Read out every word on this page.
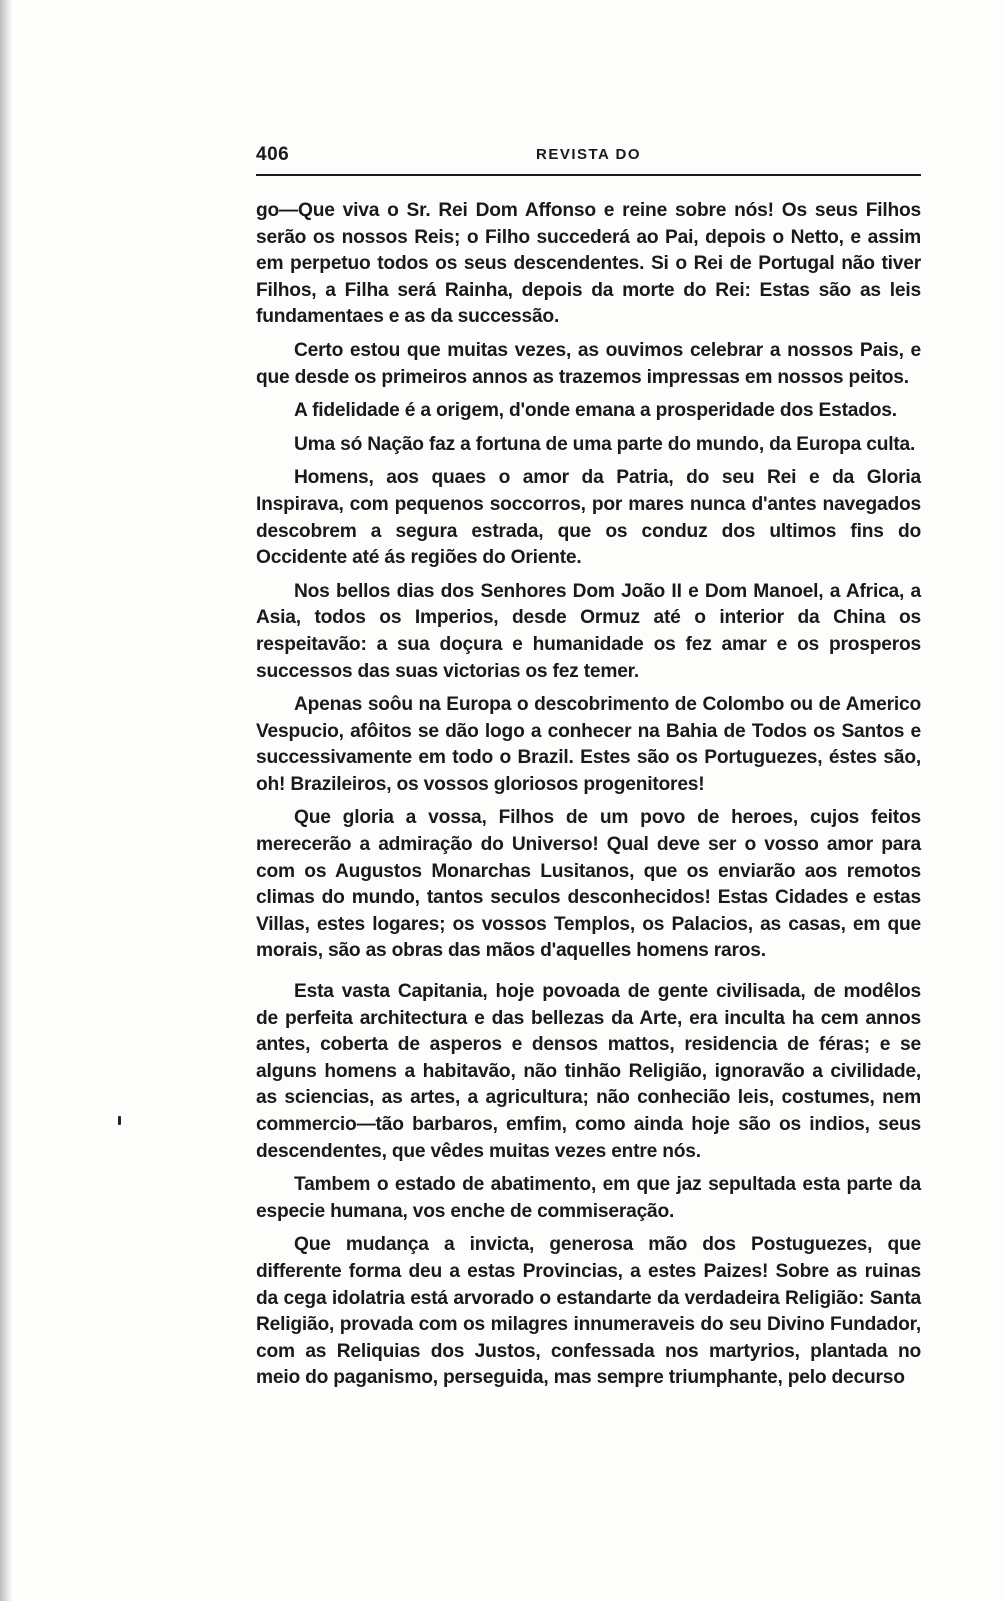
406	REVISTA DO

go—Que viva o Sr. Rei Dom Affonso e reine sobre nós! Os seus Filhos serão os nossos Reis; o Filho succederá ao Pai, depois o Netto, e assim em perpetuo todos os seus descendentes. Si o Rei de Portugal não tiver Filhos, a Filha será Rainha, depois da morte do Rei: Estas são as leis fundamentaes e as da successão.

Certo estou que muitas vezes, as ouvimos celebrar a nossos Pais, e que desde os primeiros annos as trazemos impressas em nossos peitos.

A fidelidade é a origem, d'onde emana a prosperidade dos Estados.

Uma só Nação faz a fortuna de uma parte do mundo, da Europa culta.

Homens, aos quaes o amor da Patria, do seu Rei e da Gloria Inspirava, com pequenos soccorros, por mares nunca d'antes navegados descobrem a segura estrada, que os conduz dos ultimos fins do Occidente até ás regiões do Oriente.

Nos bellos dias dos Senhores Dom João II e Dom Manoel, a Africa, a Asia, todos os Imperios, desde Ormuz até o interior da China os respeitavão: a sua doçura e humanidade os fez amar e os prosperos successos das suas victorias os fez temer.

Apenas soôu na Europa o descobrimento de Colombo ou de Americo Vespucio, afôitos se dão logo a conhecer na Bahia de Todos os Santos e successivamente em todo o Brazil. Estes são os Portuguezes, éstes são, oh! Brazileiros, os vossos gloriosos progenitores!

Que gloria a vossa, Filhos de um povo de heroes, cujos feitos merecerão a admiração do Universo! Qual deve ser o vosso amor para com os Augustos Monarchas Lusitanos, que os enviarão aos remotos climas do mundo, tantos seculos desconhecidos! Estas Cidades e estas Villas, estes logares; os vossos Templos, os Palacios, as casas, em que morais, são as obras das mãos d'aquelles homens raros.

Esta vasta Capitania, hoje povoada de gente civilisada, de modêlos de perfeita architectura e das bellezas da Arte, era inculta ha cem annos antes, coberta de asperos e densos mattos, residencia de féras; e se alguns homens a habitavão, não tinhão Religião, ignoravão a civilidade, as sciencias, as artes, a agricultura; não conhecião leis, costumes, nem commercio—tão barbaros, emfim, como ainda hoje são os indios, seus descendentes, que vêdes muitas vezes entre nós.

Tambem o estado de abatimento, em que jaz sepultada esta parte da especie humana, vos enche de commiseração.

Que mudança a invicta, generosa mão dos Postuguezes, que differente forma deu a estas Provincias, a estes Paizes! Sobre as ruinas da cega idolatria está arvorado o estandarte da verdadeira Religião: Santa Religião, provada com os milagres innumeraveis do seu Divino Fundador, com as Reliquias dos Justos, confessada nos martyrios, plantada no meio do paganismo, perseguida, mas sempre triumphante, pelo decurso
